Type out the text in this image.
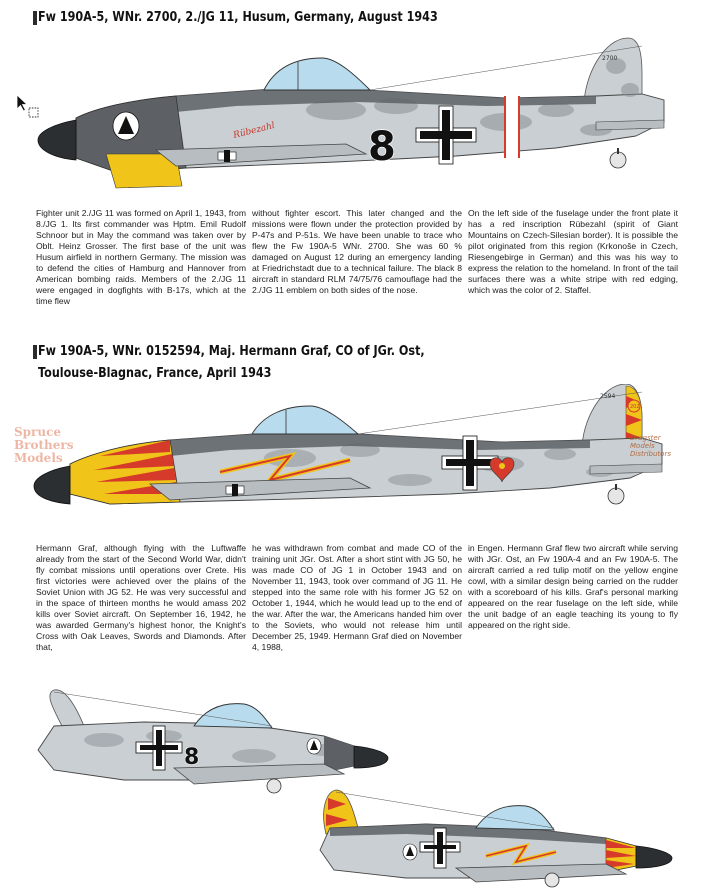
Fw 190A-5, WNr. 2700, 2./JG 11, Husum, Germany, August 1943
Rübezahl 8
2700
Fighter unit 2./JG 11 was formed on April 1, 1943, from 8./JG 1. Its first commander was Hptm. Emil Rudolf Schnoor but in May the command was taken over by Oblt. Heinz Grosser. The first base of the unit was Husum airfield in northern Germany. The mission was to defend the cities of Hamburg and Hannover from American bombing raids. Members of the 2./JG 11 were engaged in dogfights with B-17s, which at the time flew
without fighter escort. This later changed and the missions were flown under the protection provided by P-47s and P-51s. We have been unable to trace who flew the Fw 190A-5 WNr. 2700. She was 60 % damaged on August 12 during an emergency landing at Friedrichstadt due to a technical failure. The black 8 aircraft in standard RLM 74/75/76 camouflage had the 2./JG 11 emblem on both sides of the nose.
On the left side of the fuselage under the front plate it has a red inscription Rübezahl (spirit of Giant Mountains on Czech-Silesian border). It is possible the pilot originated from this region (Krkonoše in Czech, Riesengebirge in German) and this was his way to express the relation to the homeland. In front of the tail surfaces there was a white stripe with red edging, which was the color of 2. Staffel.
Fw 190A-5, WNr. 0152594, Maj. Hermann Graf, CO of JGr. Ost,
Toulouse-Blagnac, France, April 1943
202
2594
Spruce
Brothers
Models
Dragster
Models
Distributors
Hermann Graf, although flying with the Luftwaffe already from the start of the Second World War, didn't fly combat missions until operations over Crete. His first victories were achieved over the plains of the Soviet Union with JG 52. He was very successful and in the space of thirteen months he would amass 202 kills over Soviet aircraft. On September 16, 1942, he was awarded Germany's highest honor, the Knight's Cross with Oak Leaves, Swords and Diamonds. After that,
he was withdrawn from combat and made CO of the training unit JGr. Ost. After a short stint with JG 50, he was made CO of JG 1 in October 1943 and on November 11, 1943, took over command of JG 11. He stepped into the same role with his former JG 52 on October 1, 1944, which he would lead up to the end of the war. After the war, the Americans handed him over to the Soviets, who would not release him until December 25, 1949. Hermann Graf died on November 4, 1988,
in Engen. Hermann Graf flew two aircraft while serving with JGr. Ost, an Fw 190A-4 and an Fw 190A-5. The aircraft carried a red tulip motif on the yellow engine cowl, with a similar design being carried on the rudder with a scoreboard of his kills. Graf's personal marking appeared on the rear fuselage on the left side, while the unit badge of an eagle teaching its young to fly appeared on the right side.
8
